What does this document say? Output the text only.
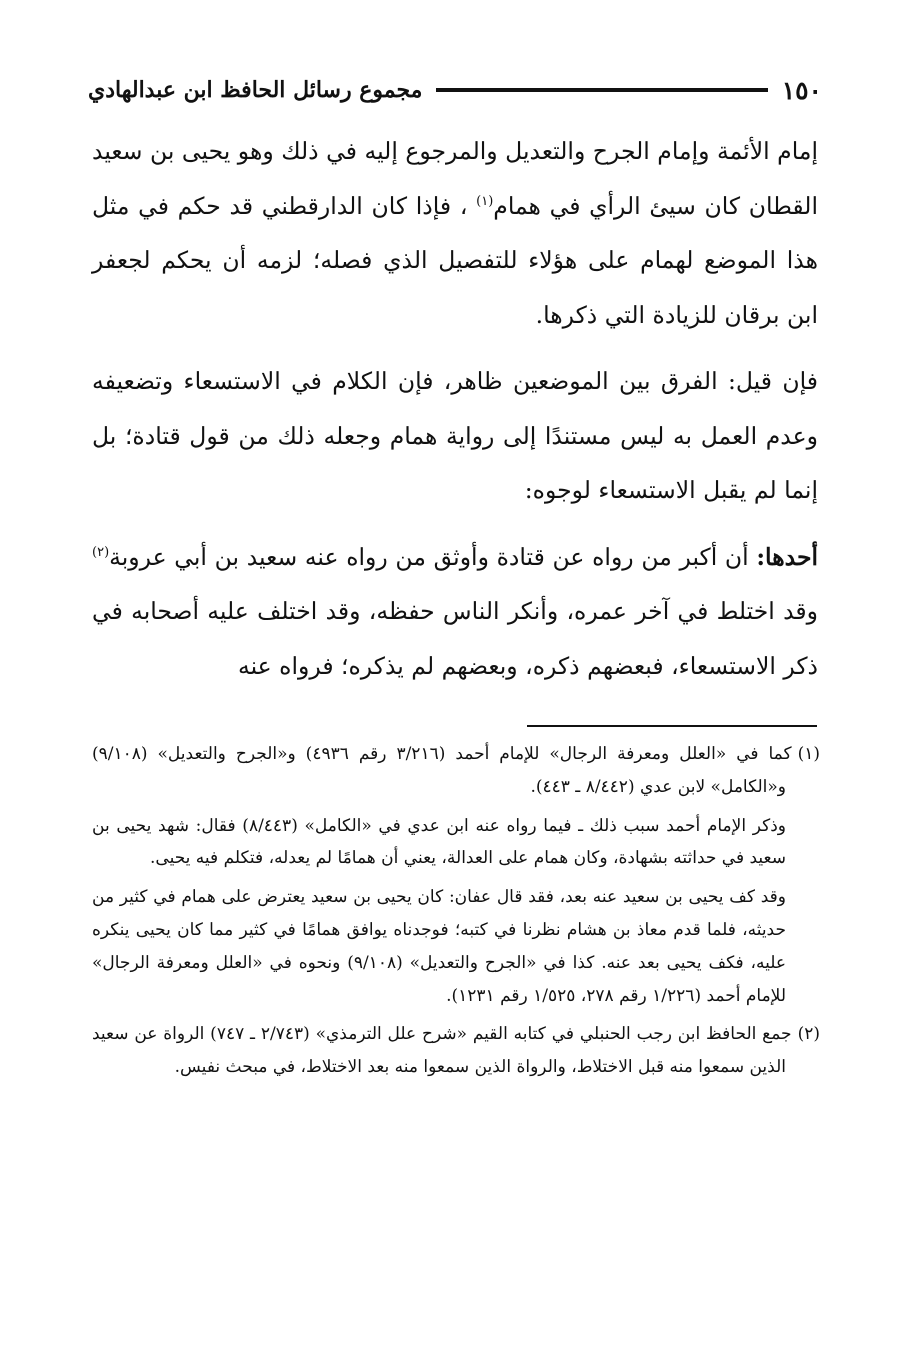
١٥٠
مجموع رسائل الحافظ ابن عبدالهادي

إمام الأئمة وإمام الجرح والتعديل والمرجوع إليه في ذلك وهو يحيى بن سعيد القطان كان سيئ الرأي في همام$^{(١)}$ ، فإذا كان الدارقطني قد حكم في مثل هذا الموضع لهمام على هؤلاء للتفصيل الذي فصله؛ لزمه أن يحكم لجعفر ابن برقان للزيادة التي ذكرها.

فإن قيل: الفرق بين الموضعين ظاهر، فإن الكلام في الاستسعاء وتضعيفه وعدم العمل به ليس مستندًا إلى رواية همام وجعله ذلك من قول قتادة؛ بل إنما لم يقبل الاستسعاء لوجوه:

أحدها: أن أكبر من رواه عن قتادة وأوثق من رواه عنه سعيد بن أبي عروبة$^{(٢)}$ وقد اختلط في آخر عمره، وأنكر الناس حفظه، وقد اختلف عليه أصحابه في ذكر الاستسعاء، فبعضهم ذكره، وبعضهم لم يذكره؛ فرواه عنه

(١)كما في «العلل ومعرفة الرجال» للإمام أحمد (٣/٢١٦ رقم ٤٩٣٦) و«الجرح والتعديل» (٩/١٠٨) و«الكامل» لابن عدي (٨/٤٤٢ ـ ٤٤٣).

وذكر الإمام أحمد سبب ذلك ـ فيما رواه عنه ابن عدي في «الكامل» (٨/٤٤٣) فقال: شهد يحيى بن سعيد في حداثته بشهادة، وكان همام على العدالة، يعني أن همامًا لم يعدله، فتكلم فيه يحيى.

وقد كف يحيى بن سعيد عنه بعد، فقد قال عفان: كان يحيى بن سعيد يعترض على همام في كثير من حديثه، فلما قدم معاذ بن هشام نظرنا في كتبه؛ فوجدناه يوافق همامًا في كثير مما كان يحيى ينكره عليه، فكف يحيى بعد عنه. كذا في «الجرح والتعديل» (٩/١٠٨) ونحوه في «العلل ومعرفة الرجال» للإمام أحمد (١/٢٢٦ رقم ٢٧٨، ١/٥٢٥ رقم ١٢٣١).

(٢)جمع الحافظ ابن رجب الحنبلي في كتابه القيم «شرح علل الترمذي» (٢/٧٤٣ ـ ٧٤٧) الرواة عن سعيد الذين سمعوا منه قبل الاختلاط، والرواة الذين سمعوا منه بعد الاختلاط، في مبحث نفيس.
